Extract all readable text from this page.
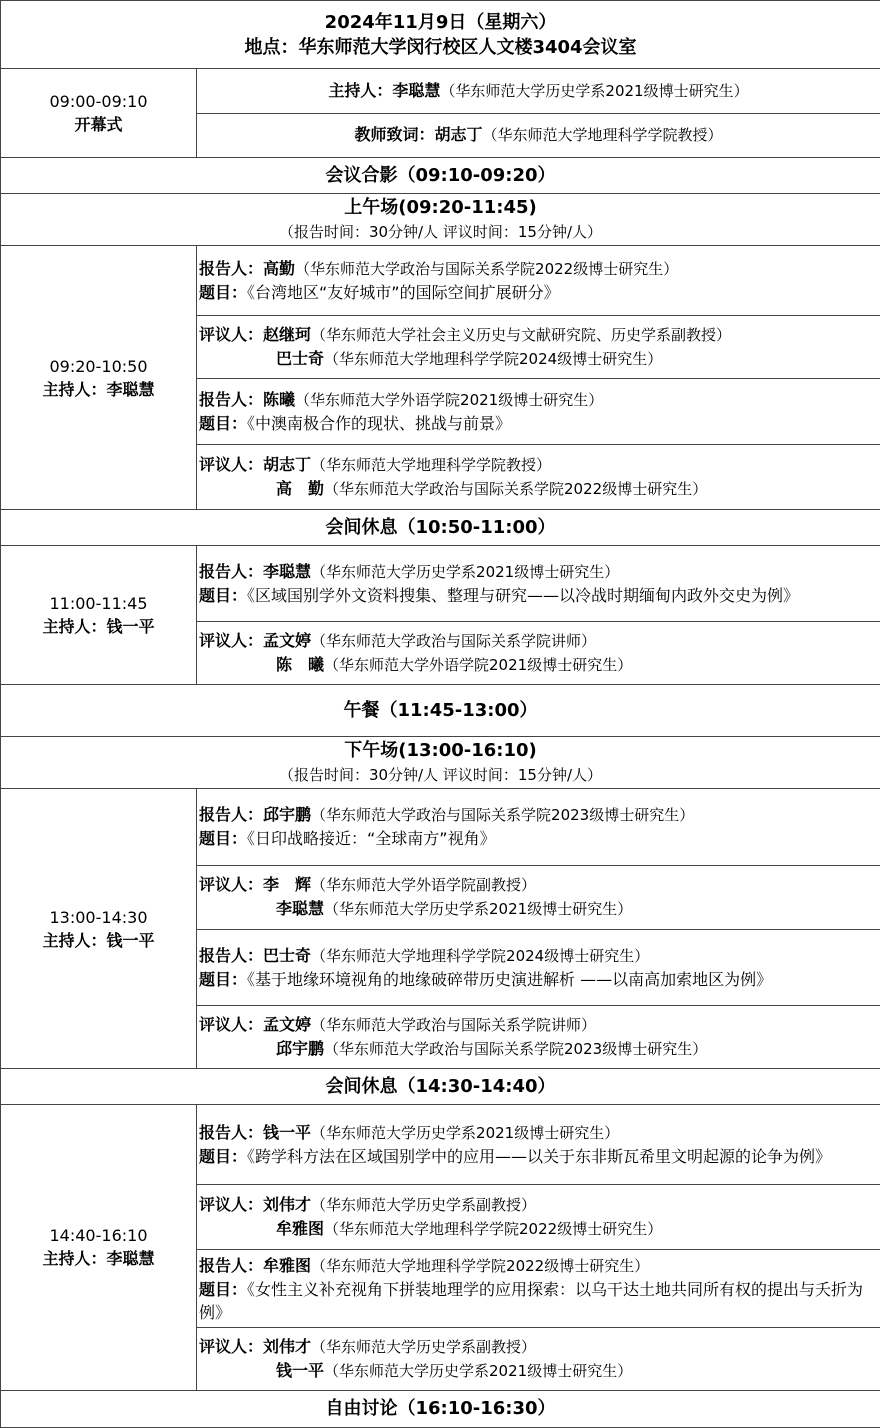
2024年11月9日（星期六）
地点：华东师范大学闵行校区人文楼3404会议室	

09:00-09:10
开幕式	主持人：李聪慧（华东师范大学历史学系2021级博士研究生）
	教师致词：胡志丁（华东师范大学地理科学学院教授）
会议合影（09:10-09:20）	

上午场(09:20-11:45)
（报告时间：30分钟/人 评议时间：15分钟/人）	

09:20-10:50
主持人：李聪慧	报告人：高勤（华东师范大学政治与国际关系学院2022级博士研究生）
题目：《台湾地区“友好城市”的国际空间扩展研分》

	评议人：赵继珂（华东师范大学社会主义历史与文献研究院、历史学系副教授）
巴士奇（华东师范大学地理科学学院2024级博士研究生）

	报告人：陈曦（华东师范大学外语学院2021级博士研究生）
题目：《中澳南极合作的现状、挑战与前景》

	评议人：胡志丁（华东师范大学地理科学学院教授）
高　勤（华东师范大学政治与国际关系学院2022级博士研究生）

会间休息（10:50-11:00）	

11:00-11:45
主持人：钱一平	报告人：李聪慧（华东师范大学历史学系2021级博士研究生）
题目：《区域国别学外文资料搜集、整理与研究——以冷战时期缅甸内政外交史为例》

	评议人：孟文婷（华东师范大学政治与国际关系学院讲师）
陈　曦（华东师范大学外语学院2021级博士研究生）

午餐（11:45-13:00）	

下午场(13:00-16:10)
（报告时间：30分钟/人 评议时间：15分钟/人）	

13:00-14:30
主持人：钱一平	报告人：邱宇鹏（华东师范大学政治与国际关系学院2023级博士研究生）
题目：《日印战略接近：“全球南方”视角》

	评议人：李　辉（华东师范大学外语学院副教授）
李聪慧（华东师范大学历史学系2021级博士研究生）

	报告人：巴士奇（华东师范大学地理科学学院2024级博士研究生）
题目：《基于地缘环境视角的地缘破碎带历史演进解析 ——以南高加索地区为例》

	评议人：孟文婷（华东师范大学政治与国际关系学院讲师）
邱宇鹏（华东师范大学政治与国际关系学院2023级博士研究生）

会间休息（14:30-14:40）	

14:40-16:10
主持人：李聪慧	报告人：钱一平（华东师范大学历史学系2021级博士研究生）
题目：《跨学科方法在区域国别学中的应用——以关于东非斯瓦希里文明起源的论争为例》

	评议人：刘伟才（华东师范大学历史学系副教授）
牟雅图（华东师范大学地理科学学院2022级博士研究生）

	报告人：牟雅图（华东师范大学地理科学学院2022级博士研究生）
题目：《女性主义补充视角下拼装地理学的应用探索：以乌干达土地共同所有权的提出与夭折为例》

	评议人：刘伟才（华东师范大学历史学系副教授）
钱一平（华东师范大学历史学系2021级博士研究生）

自由讨论（16:10-16:30）	
